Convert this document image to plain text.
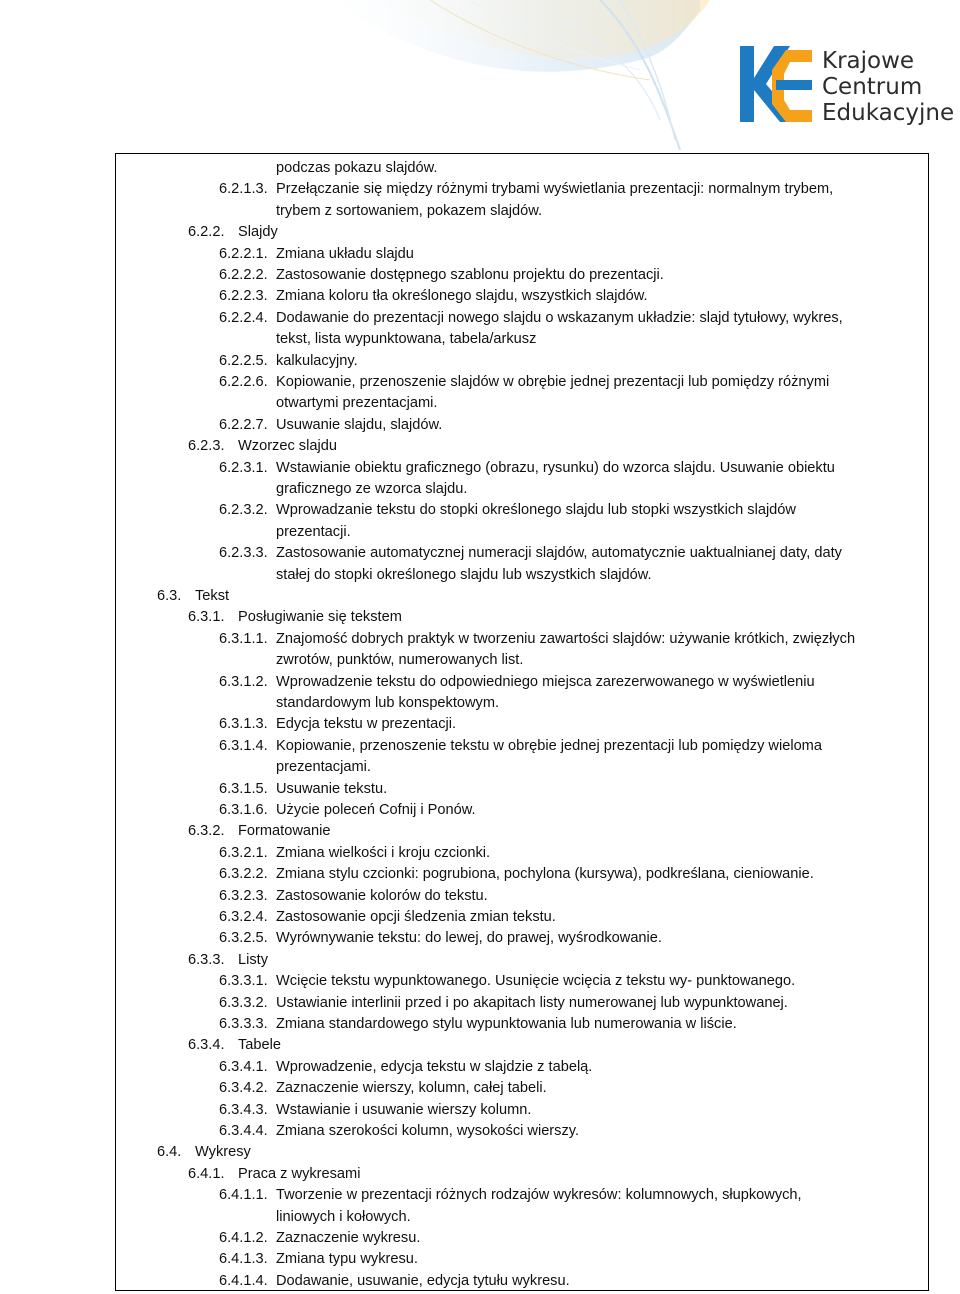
Krajowe
Centrum
Edukacyjne
podczas pokazu slajdów.
6.2.1.3. Przełączanie się między różnymi trybami wyświetlania prezentacji: normalnym trybem,
trybem z sortowaniem, pokazem slajdów.
6.2.2. Slajdy
6.2.2.1. Zmiana układu slajdu
6.2.2.2. Zastosowanie dostępnego szablonu projektu do prezentacji.
6.2.2.3. Zmiana koloru tła określonego slajdu, wszystkich slajdów.
6.2.2.4. Dodawanie do prezentacji nowego slajdu o wskazanym układzie: slajd tytułowy, wykres,
tekst, lista wypunktowana, tabela/arkusz
6.2.2.5. kalkulacyjny.
6.2.2.6. Kopiowanie, przenoszenie slajdów w obrębie jednej prezentacji lub pomiędzy różnymi
otwartymi prezentacjami.
6.2.2.7. Usuwanie slajdu, slajdów.
6.2.3. Wzorzec slajdu
6.2.3.1. Wstawianie obiektu graficznego (obrazu, rysunku) do wzorca slajdu. Usuwanie obiektu
graficznego ze wzorca slajdu.
6.2.3.2. Wprowadzanie tekstu do stopki określonego slajdu lub stopki wszystkich slajdów
prezentacji.
6.2.3.3. Zastosowanie automatycznej numeracji slajdów, automatycznie uaktualnianej daty, daty
stałej do stopki określonego slajdu lub wszystkich slajdów.
6.3. Tekst
6.3.1. Posługiwanie się tekstem
6.3.1.1. Znajomość dobrych praktyk w tworzeniu zawartości slajdów: używanie krótkich, zwięzłych
zwrotów, punktów, numerowanych list.
6.3.1.2. Wprowadzenie tekstu do odpowiedniego miejsca zarezerwowanego w wyświetleniu
standardowym lub konspektowym.
6.3.1.3. Edycja tekstu w prezentacji.
6.3.1.4. Kopiowanie, przenoszenie tekstu w obrębie jednej prezentacji lub pomiędzy wieloma
prezentacjami.
6.3.1.5. Usuwanie tekstu.
6.3.1.6. Użycie poleceń Cofnij i Ponów.
6.3.2. Formatowanie
6.3.2.1. Zmiana wielkości i kroju czcionki.
6.3.2.2. Zmiana stylu czcionki: pogrubiona, pochylona (kursywa), podkreślana, cieniowanie.
6.3.2.3. Zastosowanie kolorów do tekstu.
6.3.2.4. Zastosowanie opcji śledzenia zmian tekstu.
6.3.2.5. Wyrównywanie tekstu: do lewej, do prawej, wyśrodkowanie.
6.3.3. Listy
6.3.3.1. Wcięcie tekstu wypunktowanego. Usunięcie wcięcia z tekstu wy- punktowanego.
6.3.3.2. Ustawianie interlinii przed i po akapitach listy numerowanej lub wypunktowanej.
6.3.3.3. Zmiana standardowego stylu wypunktowania lub numerowania w liście.
6.3.4. Tabele
6.3.4.1. Wprowadzenie, edycja tekstu w slajdzie z tabelą.
6.3.4.2. Zaznaczenie wierszy, kolumn, całej tabeli.
6.3.4.3. Wstawianie i usuwanie wierszy kolumn.
6.3.4.4. Zmiana szerokości kolumn, wysokości wierszy.
6.4. Wykresy
6.4.1. Praca z wykresami
6.4.1.1. Tworzenie w prezentacji różnych rodzajów wykresów: kolumnowych, słupkowych,
liniowych i kołowych.
6.4.1.2. Zaznaczenie wykresu.
6.4.1.3. Zmiana typu wykresu.
6.4.1.4. Dodawanie, usuwanie, edycja tytułu wykresu.
